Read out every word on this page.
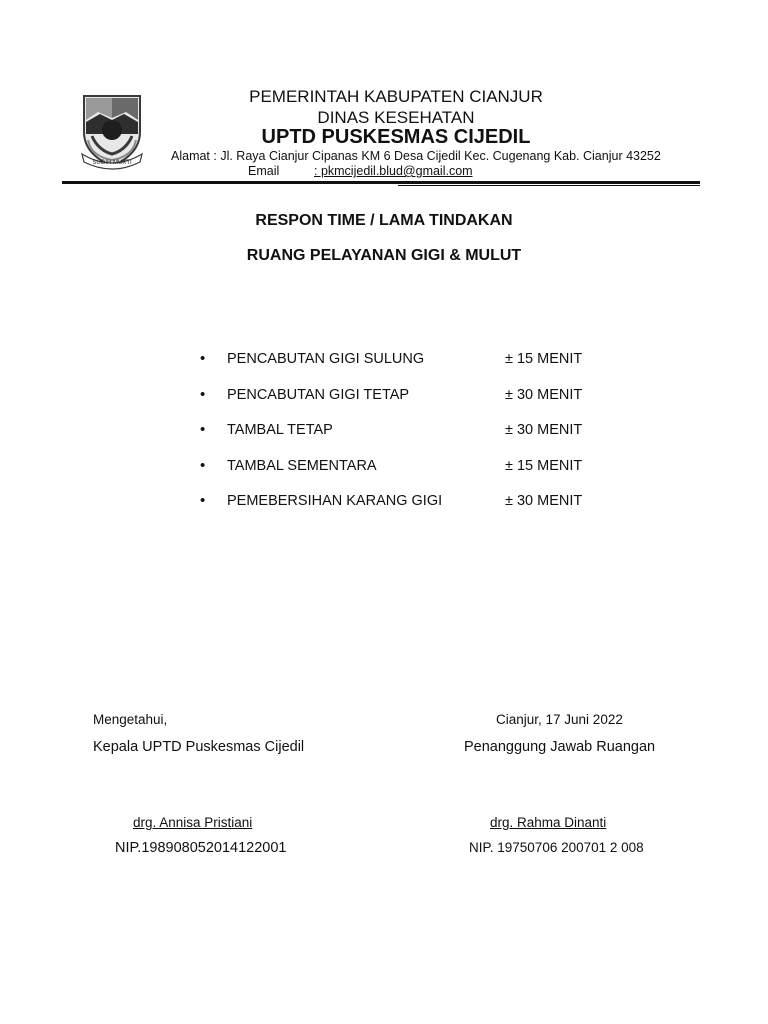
SUGIH MUKTI
PEMERINTAH KABUPATEN CIANJUR
DINAS KESEHATAN
UPTD PUSKESMAS CIJEDIL
Alamat : Jl. Raya Cianjur Cipanas KM 6 Desa Cijedil Kec. Cugenang Kab. Cianjur 43252
Email	: pkmcijedil.blud@gmail.com
RESPON TIME / LAMA TINDAKAN
RUANG PELAYANAN GIGI & MULUT
• PENCABUTAN GIGI SULUNG	± 15 MENIT
• PENCABUTAN GIGI TETAP	± 30 MENIT
• TAMBAL TETAP	± 30 MENIT
• TAMBAL SEMENTARA	± 15 MENIT
• PEMEBERSIHAN KARANG GIGI	± 30 MENIT
Mengetahui,	Cianjur, 17 Juni 2022
Kepala UPTD Puskesmas Cijedil	Penanggung Jawab Ruangan
drg. Annisa Pristiani	drg. Rahma Dinanti
NIP.198908052014122001	NIP. 19750706 200701 2 008
